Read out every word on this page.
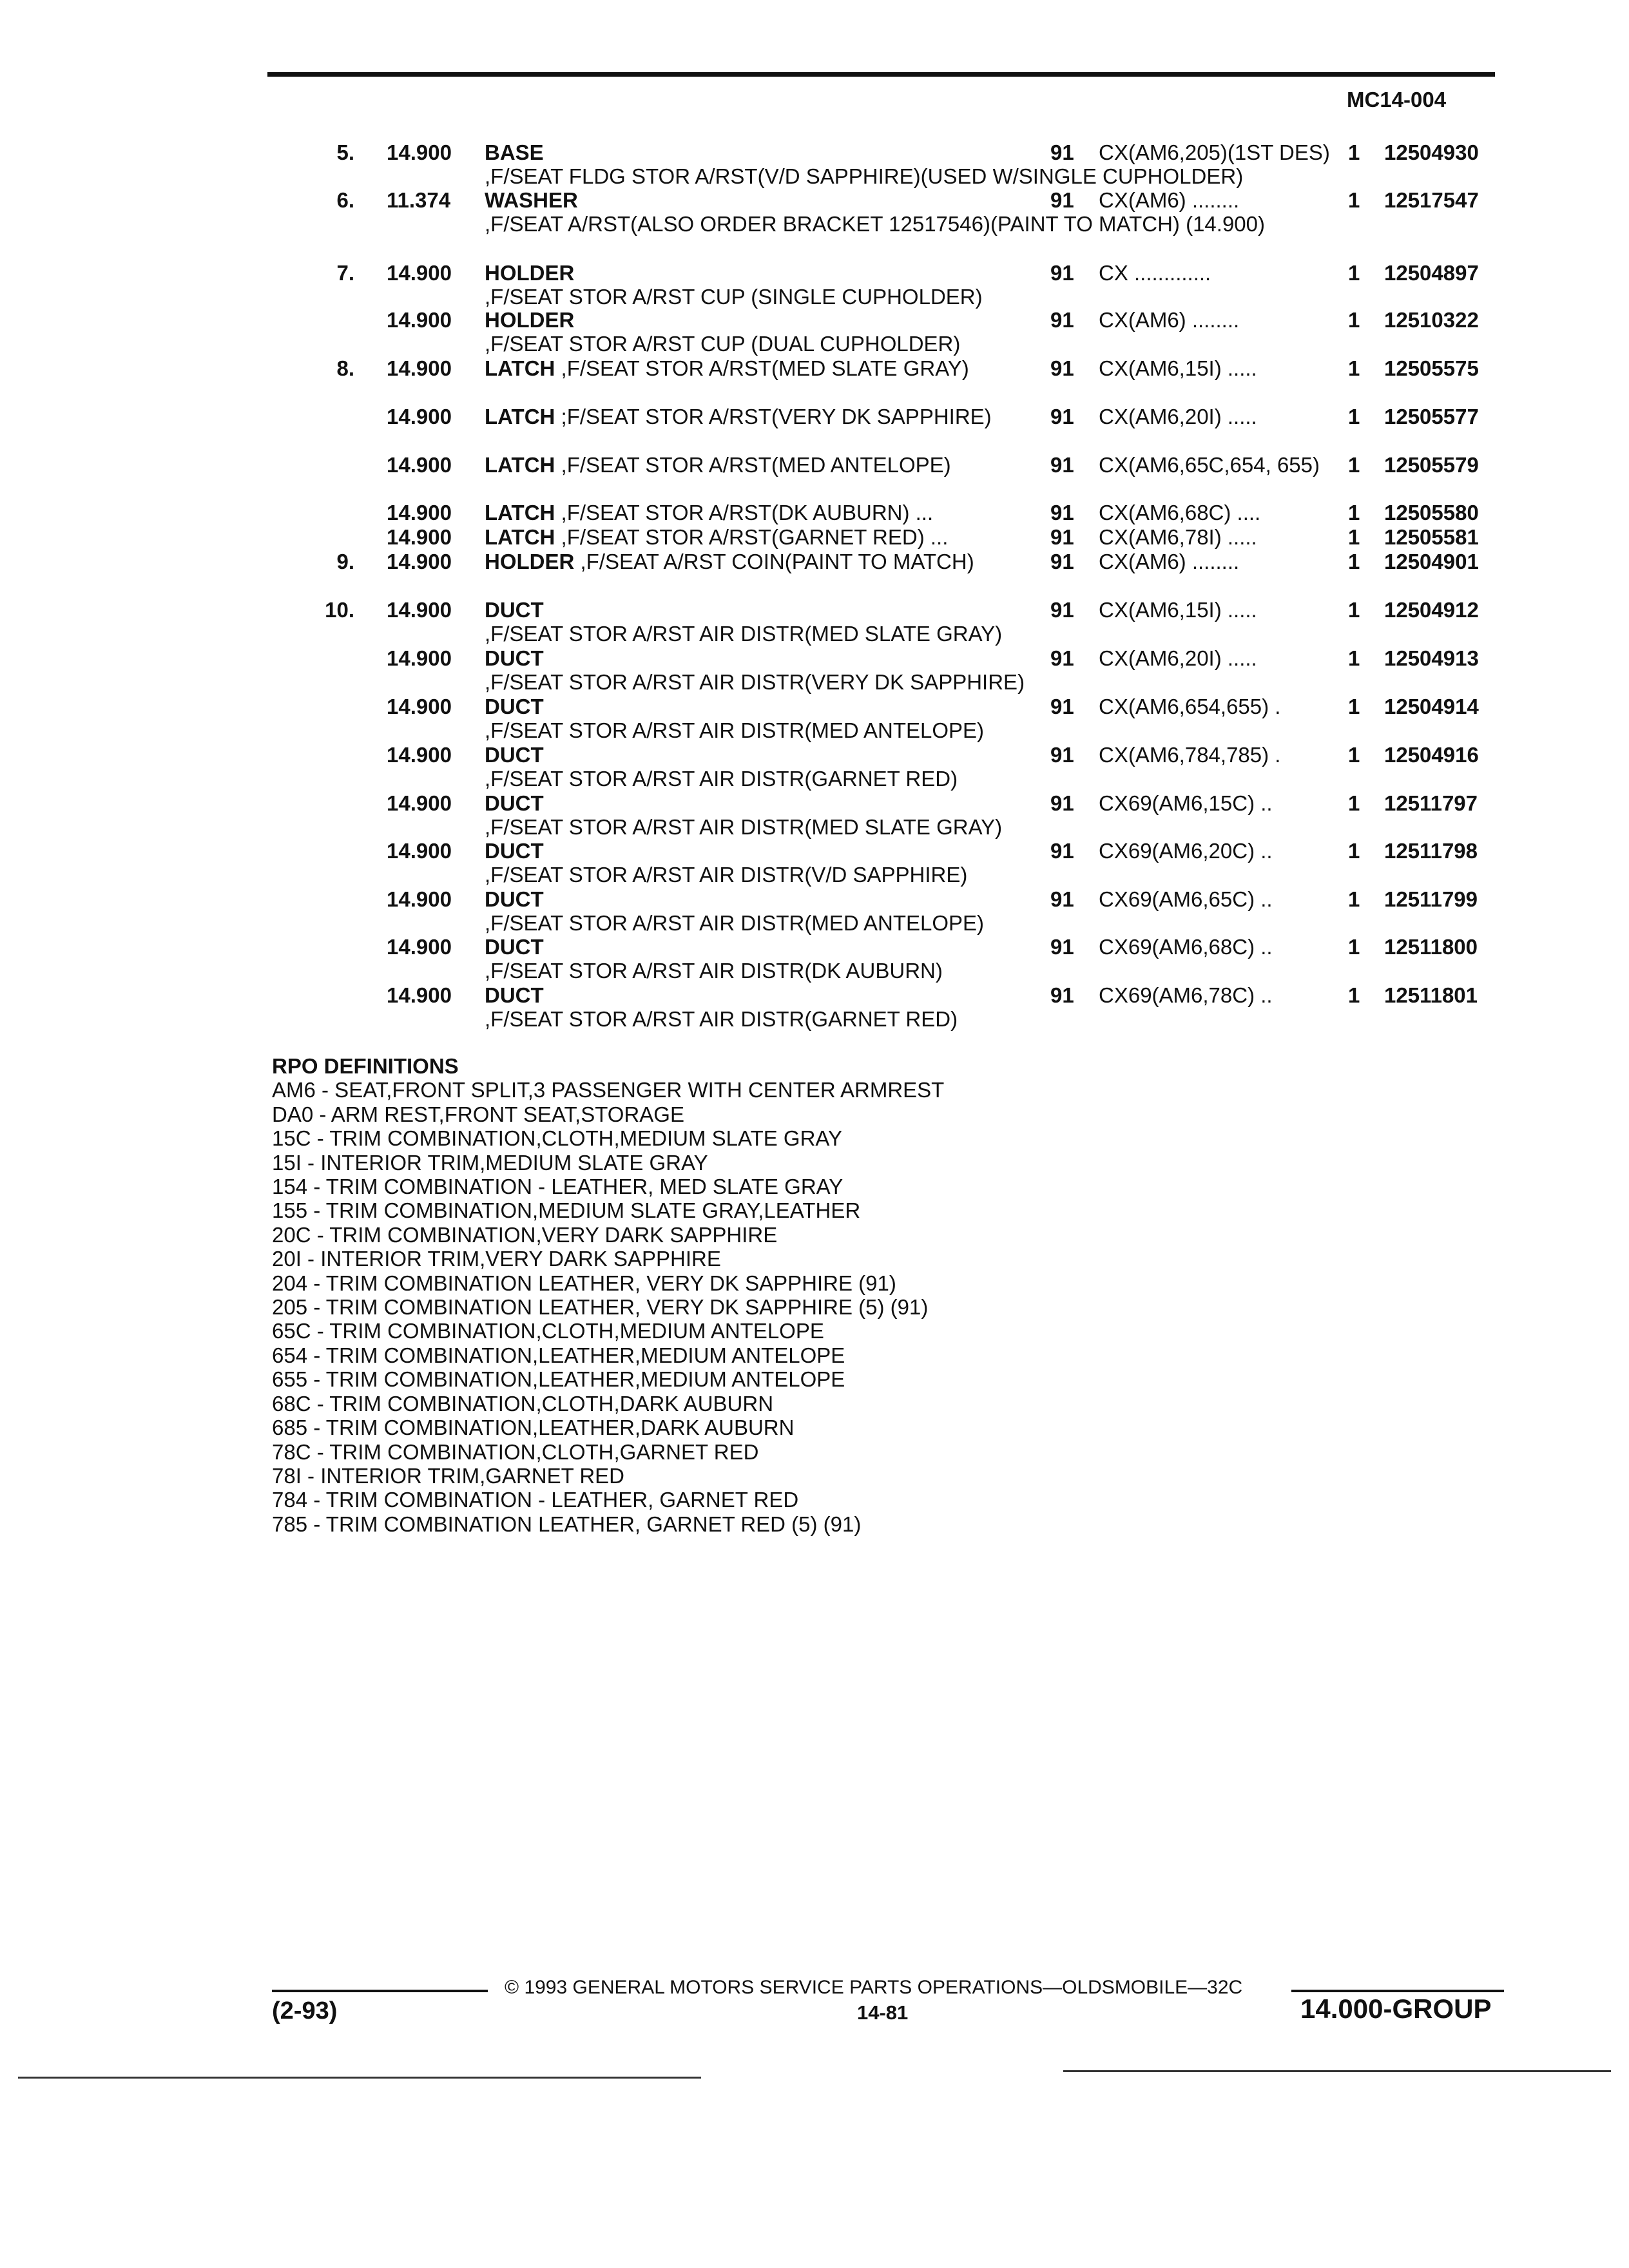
MC14-004
5. 14.900 BASE ,F/SEAT FLDG STOR A/RST(V/D SAPPHIRE)(USED W/SINGLE CUPHOLDER)
91 CX(AM6,205)(1ST DES) 1 12504930
6. 11.374 WASHER ,F/SEAT A/RST(ALSO ORDER BRACKET 12517546)(PAINT TO MATCH) (14.900)
91 CX(AM6) ........	1 12517547
7. 14.900 HOLDER ,F/SEAT STOR A/RST CUP (SINGLE CUPHOLDER)
91 CX .............	1 12504897
14.900 HOLDER ,F/SEAT STOR A/RST CUP (DUAL CUPHOLDER)
91 CX(AM6) ........	1 12510322
8. 14.900 LATCH ,F/SEAT STOR A/RST(MED SLATE GRAY)	91 CX(AM6,15I) .....	1 12505575
14.900 LATCH ;F/SEAT STOR A/RST(VERY DK SAPPHIRE)	91 CX(AM6,20I) .....	1 12505577
14.900 LATCH ,F/SEAT STOR A/RST(MED ANTELOPE)	91 CX(AM6,65C,654, 655)	1 12505579
14.900 LATCH ,F/SEAT STOR A/RST(DK AUBURN) ...	91 CX(AM6,68C) ....	1 12505580
14.900 LATCH ,F/SEAT STOR A/RST(GARNET RED) ...	91 CX(AM6,78I) .....	1 12505581
9. 14.900 HOLDER ,F/SEAT A/RST COIN(PAINT TO MATCH)	91 CX(AM6) ........	1 12504901
10. 14.900 DUCT ,F/SEAT STOR A/RST AIR DISTR(MED SLATE GRAY)
91 CX(AM6,15I) .....	1 12504912
14.900 DUCT ,F/SEAT STOR A/RST AIR DISTR(VERY DK SAPPHIRE)
91 CX(AM6,20I) .....	1 12504913
14.900 DUCT ,F/SEAT STOR A/RST AIR DISTR(MED ANTELOPE)
91 CX(AM6,654,655) .	1 12504914
14.900 DUCT ,F/SEAT STOR A/RST AIR DISTR(GARNET RED)
91 CX(AM6,784,785) .	1 12504916
14.900 DUCT ,F/SEAT STOR A/RST AIR DISTR(MED SLATE GRAY)
91 CX69(AM6,15C) ..	1 12511797
14.900 DUCT ,F/SEAT STOR A/RST AIR DISTR(V/D SAPPHIRE)
91 CX69(AM6,20C) ..	1 12511798
14.900 DUCT ,F/SEAT STOR A/RST AIR DISTR(MED ANTELOPE)
91 CX69(AM6,65C) ..	1 12511799
14.900 DUCT ,F/SEAT STOR A/RST AIR DISTR(DK AUBURN)
91 CX69(AM6,68C) ..	1 12511800
14.900 DUCT ,F/SEAT STOR A/RST AIR DISTR(GARNET RED)
91 CX69(AM6,78C) ..	1 12511801
RPO DEFINITIONS
AM6 - SEAT,FRONT SPLIT,3 PASSENGER WITH CENTER ARMREST
DA0 - ARM REST,FRONT SEAT,STORAGE
15C - TRIM COMBINATION,CLOTH,MEDIUM SLATE GRAY
15I - INTERIOR TRIM,MEDIUM SLATE GRAY
154 - TRIM COMBINATION - LEATHER, MED SLATE GRAY
155 - TRIM COMBINATION,MEDIUM SLATE GRAY,LEATHER
20C - TRIM COMBINATION,VERY DARK SAPPHIRE
20I - INTERIOR TRIM,VERY DARK SAPPHIRE
204 - TRIM COMBINATION LEATHER, VERY DK SAPPHIRE (91)
205 - TRIM COMBINATION LEATHER, VERY DK SAPPHIRE (5) (91)
65C - TRIM COMBINATION,CLOTH,MEDIUM ANTELOPE
654 - TRIM COMBINATION,LEATHER,MEDIUM ANTELOPE
655 - TRIM COMBINATION,LEATHER,MEDIUM ANTELOPE
68C - TRIM COMBINATION,CLOTH,DARK AUBURN
685 - TRIM COMBINATION,LEATHER,DARK AUBURN
78C - TRIM COMBINATION,CLOTH,GARNET RED
78I - INTERIOR TRIM,GARNET RED
784 - TRIM COMBINATION - LEATHER, GARNET RED
785 - TRIM COMBINATION LEATHER, GARNET RED (5) (91)
© 1993 GENERAL MOTORS SERVICE PARTS OPERATIONS—OLDSMOBILE—32C
(2-93)	14-81	14.000-GROUP
